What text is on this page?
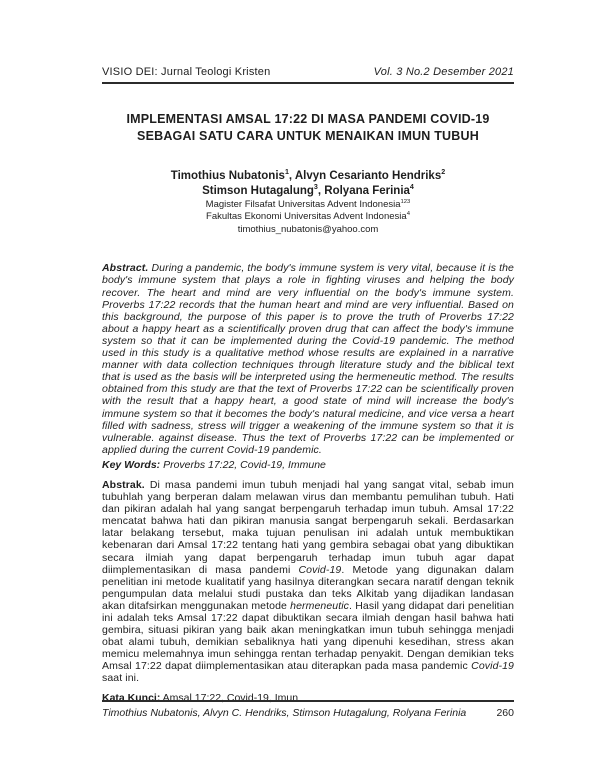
VISIO DEI: Jurnal Teologi Kristen	Vol. 3 No.2 Desember 2021
IMPLEMENTASI AMSAL 17:22 DI MASA PANDEMI COVID-19
SEBAGAI SATU CARA UNTUK MENAIKAN IMUN TUBUH
Timothius Nubatonis$^1$, Alvyn Cesarianto Hendriks$^2$
Stimson Hutagalung$^3$, Rolyana Ferinia$^4$
Magister Filsafat Universitas Advent Indonesia$^{123}$
Fakultas Ekonomi Universitas Advent Indonesia$^4$
timothius_nubatonis@yahoo.com

Abstract. During a pandemic, the body's immune system is very vital, because it is the body's immune system that plays a role in fighting viruses and helping the body recover. The heart and mind are very influential on the body's immune system. Proverbs 17:22 records that the human heart and mind are very influential. Based on this background, the purpose of this paper is to prove the truth of Proverbs 17:22 about a happy heart as a scientifically proven drug that can affect the body's immune system so that it can be implemented during the Covid-19 pandemic. The method used in this study is a qualitative method whose results are explained in a narrative manner with data collection techniques through literature study and the biblical text that is used as the basis will be interpreted using the hermeneutic method. The results obtained from this study are that the text of Proverbs 17:22 can be scientifically proven with the result that a happy heart, a good state of mind will increase the body's immune system so that it becomes the body's natural medicine, and vice versa a heart filled with sadness, stress will trigger a weakening of the immune system so that it is vulnerable. against disease. Thus the text of Proverbs 17:22 can be implemented or applied during the current Covid-19 pandemic.

Key Words: Proverbs 17:22, Covid-19, Immune

Abstrak. Di masa pandemi imun tubuh menjadi hal yang sangat vital, sebab imun tubuhlah yang berperan dalam melawan virus dan membantu pemulihan tubuh. Hati dan pikiran adalah hal yang sangat berpengaruh terhadap imun tubuh. Amsal 17:22 mencatat bahwa hati dan pikiran manusia sangat berpengaruh sekali. Berdasarkan latar belakang tersebut, maka tujuan penulisan ini adalah untuk membuktikan kebenaran dari Amsal 17:22 tentang hati yang gembira sebagai obat yang dibuktikan secara ilmiah yang dapat berpengaruh terhadap imun tubuh agar dapat diimplementasikan di masa pandemi Covid-19. Metode yang digunakan dalam penelitian ini metode kualitatif yang hasilnya diterangkan secara naratif dengan teknik pengumpulan data melalui studi pustaka dan teks Alkitab yang dijadikan landasan akan ditafsirkan menggunakan metode hermeneutic. Hasil yang didapat dari penelitian ini adalah teks Amsal 17:22 dapat dibuktikan secara ilmiah dengan hasil bahwa hati gembira, situasi pikiran yang baik akan meningkatkan imun tubuh sehingga menjadi obat alami tubuh, demikian sebaliknya hati yang dipenuhi kesedihan, stress akan memicu melemahnya imun sehingga rentan terhadap penyakit. Dengan demikian teks Amsal 17:22 dapat diimplementasikan atau diterapkan pada masa pandemic Covid-19 saat ini.

Kata Kunci: Amsal 17:22, Covid-19, Imun

Timothius Nubatonis, Alvyn C. Hendriks, Stimson Hutagalung, Rolyana Ferinia	260
